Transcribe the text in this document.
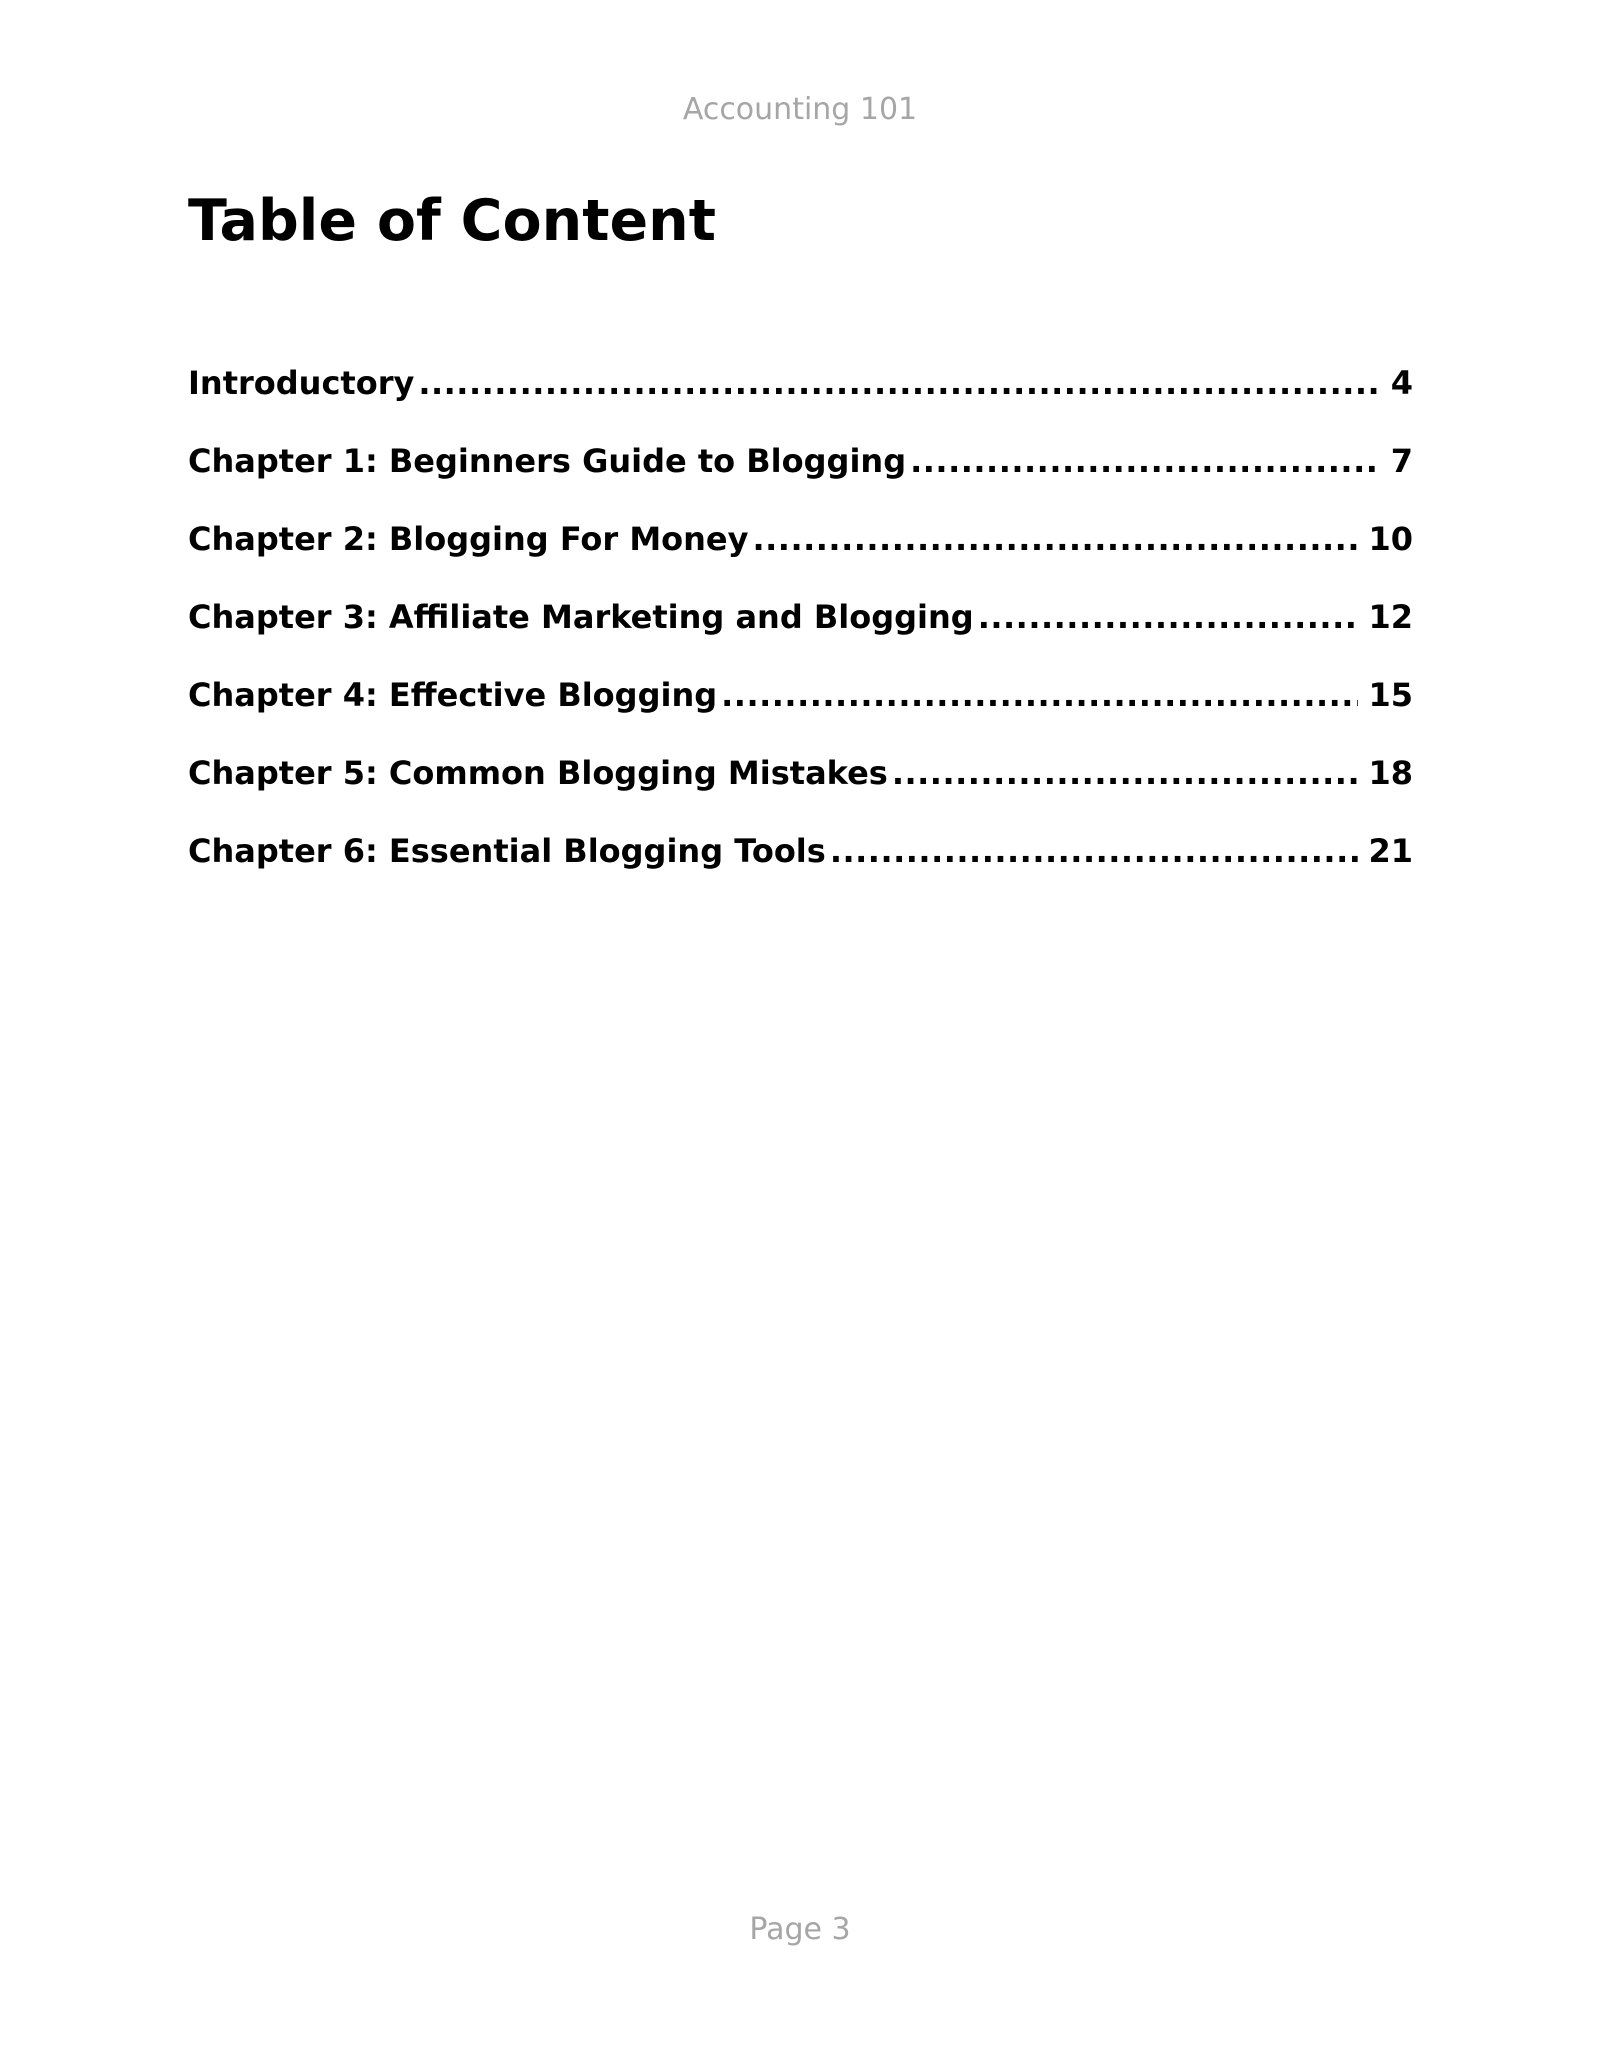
Accounting 101
Table of Content
Introductory .....	4
Chapter 1: Beginners Guide to Blogging .....	7
Chapter 2: Blogging For Money .....	10
Chapter 3: Affiliate Marketing and Blogging .....	12
Chapter 4: Effective Blogging .....	15
Chapter 5: Common Blogging Mistakes .....	18
Chapter 6: Essential Blogging Tools .....	21
Page 3
